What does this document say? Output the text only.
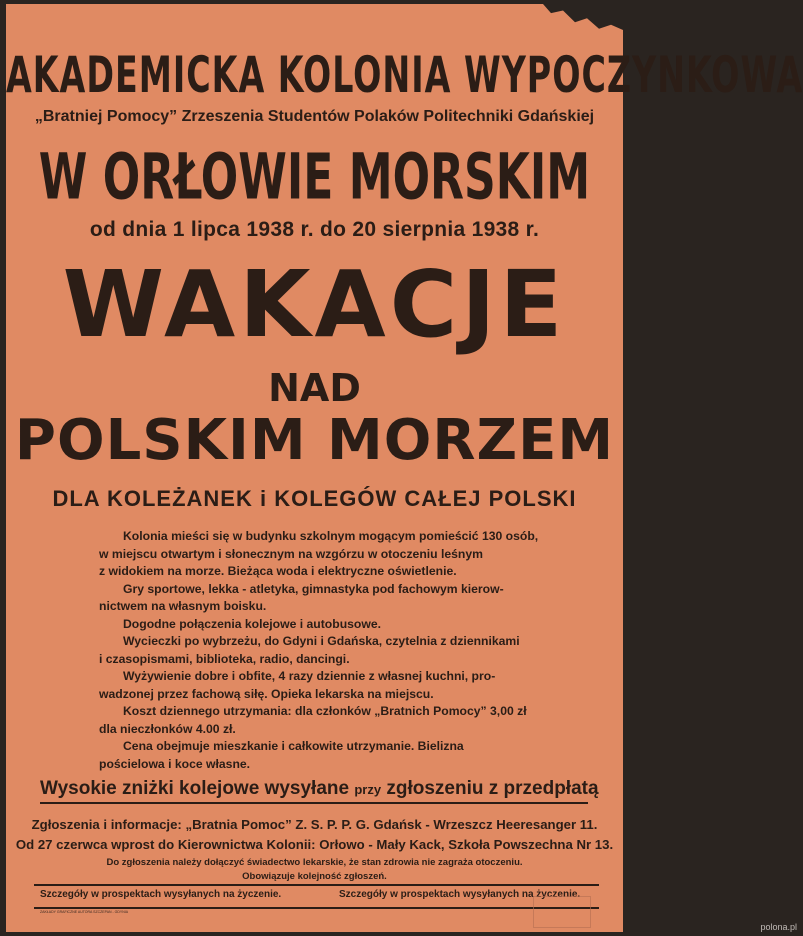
AKADEMICKA KOLONIA WYPOCZYNKOWA
„Bratniej Pomocy” Zrzeszenia Studentów Polaków Politechniki Gdańskiej
W ORŁOWIE MORSKIM
od dnia 1 lipca 1938 r. do 20 sierpnia 1938 r.
WAKACJE
NAD
POLSKIM MORZEM
DLA KOLEŻANEK i KOLEGÓW CAŁEJ POLSKI
Kolonia mieści się w budynku szkolnym mogącym pomieścić 130 osób,
w miejscu otwartym i słonecznym na wzgórzu w otoczeniu leśnym
z widokiem na morze. Bieżąca woda i elektryczne oświetlenie.
Gry sportowe, lekka - atletyka, gimnastyka pod fachowym kierow-
nictwem na własnym boisku.
Dogodne połączenia kolejowe i autobusowe.
Wycieczki po wybrzeżu, do Gdyni i Gdańska, czytelnia z dziennikami
i czasopismami, biblioteka, radio, dancingi.
Wyżywienie dobre i obfite, 4 razy dziennie z własnej kuchni, pro-
wadzonej przez fachową siłę. Opieka lekarska na miejscu.
Koszt dziennego utrzymania: dla członków „Bratnich Pomocy” 3,00 zł
dla nieczłonków 4.00 zł.
Cena obejmuje mieszkanie i całkowite utrzymanie. Bielizna
pościelowa i koce własne.
Wysokie zniżki kolejowe wysyłane przy zgłoszeniu z przedpłatą
Zgłoszenia i informacje: „Bratnia Pomoc” Z. S. P. P. G. Gdańsk - Wrzeszcz Heeresanger 11.
Od 27 czerwca wprost do Kierownictwa Kolonii: Orłowo - Mały Kack, Szkoła Powszechna Nr 13.
Do zgłoszenia należy dołączyć świadectwo lekarskie, że stan zdrowia nie zagraża otoczeniu.
Obowiązuje kolejność zgłoszeń.
Szczegóły w prospektach wysyłanych na życzenie.	Szczegóły w prospektach wysyłanych na życzenie.
ZAKŁADY GRAFICZNE AUTORA SZCZEPAN - GDYNIA
polona.pl
